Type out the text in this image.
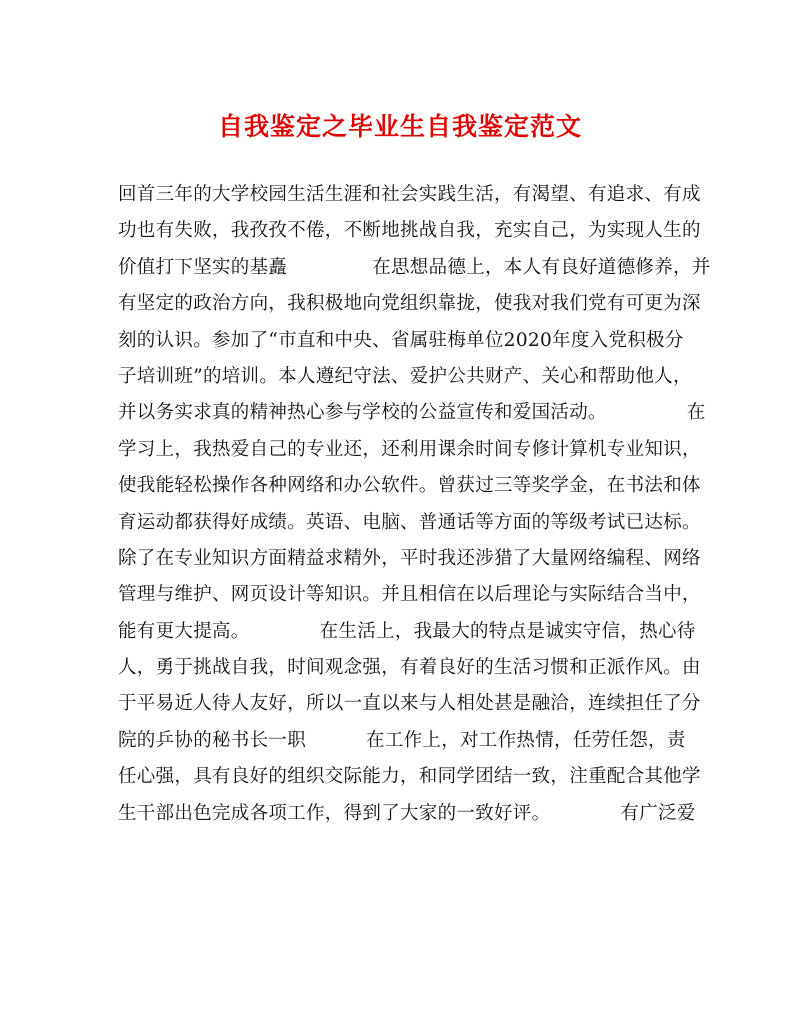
自我鉴定之毕业生自我鉴定范文
回首三年的大学校园生活生涯和社会实践生活，有渴望、有追求、有成
功也有失败，我孜孜不倦，不断地挑战自我，充实自己，为实现人生的
价值打下坚实的基矗	在思想品德上，本人有良好道德修养，并
有坚定的政治方向，我积极地向党组织靠拢，使我对我们党有可更为深
刻的认识。参加了“市直和中央、省属驻梅单位2020年度入党积极分
子培训班”的培训。本人遵纪守法、爱护公共财产、关心和帮助他人，
并以务实求真的精神热心参与学校的公益宣传和爱国活动。	在
学习上，我热爱自己的专业还，还利用课余时间专修计算机专业知识，
使我能轻松操作各种网络和办公软件。曾获过三等奖学金，在书法和体
育运动都获得好成绩。英语、电脑、普通话等方面的等级考试已达标。
除了在专业知识方面精益求精外，平时我还涉猎了大量网络编程、网络
管理与维护、网页设计等知识。并且相信在以后理论与实际结合当中，
能有更大提高。	在生活上，我最大的特点是诚实守信，热心待
人，勇于挑战自我，时间观念强，有着良好的生活习惯和正派作风。由
于平易近人待人友好，所以一直以来与人相处甚是融洽，连续担任了分
院的乒协的秘书长一职	在工作上，对工作热情，任劳任怨，责
任心强，具有良好的组织交际能力，和同学团结一致，注重配合其他学
生干部出色完成各项工作，得到了大家的一致好评。	有广泛爱
